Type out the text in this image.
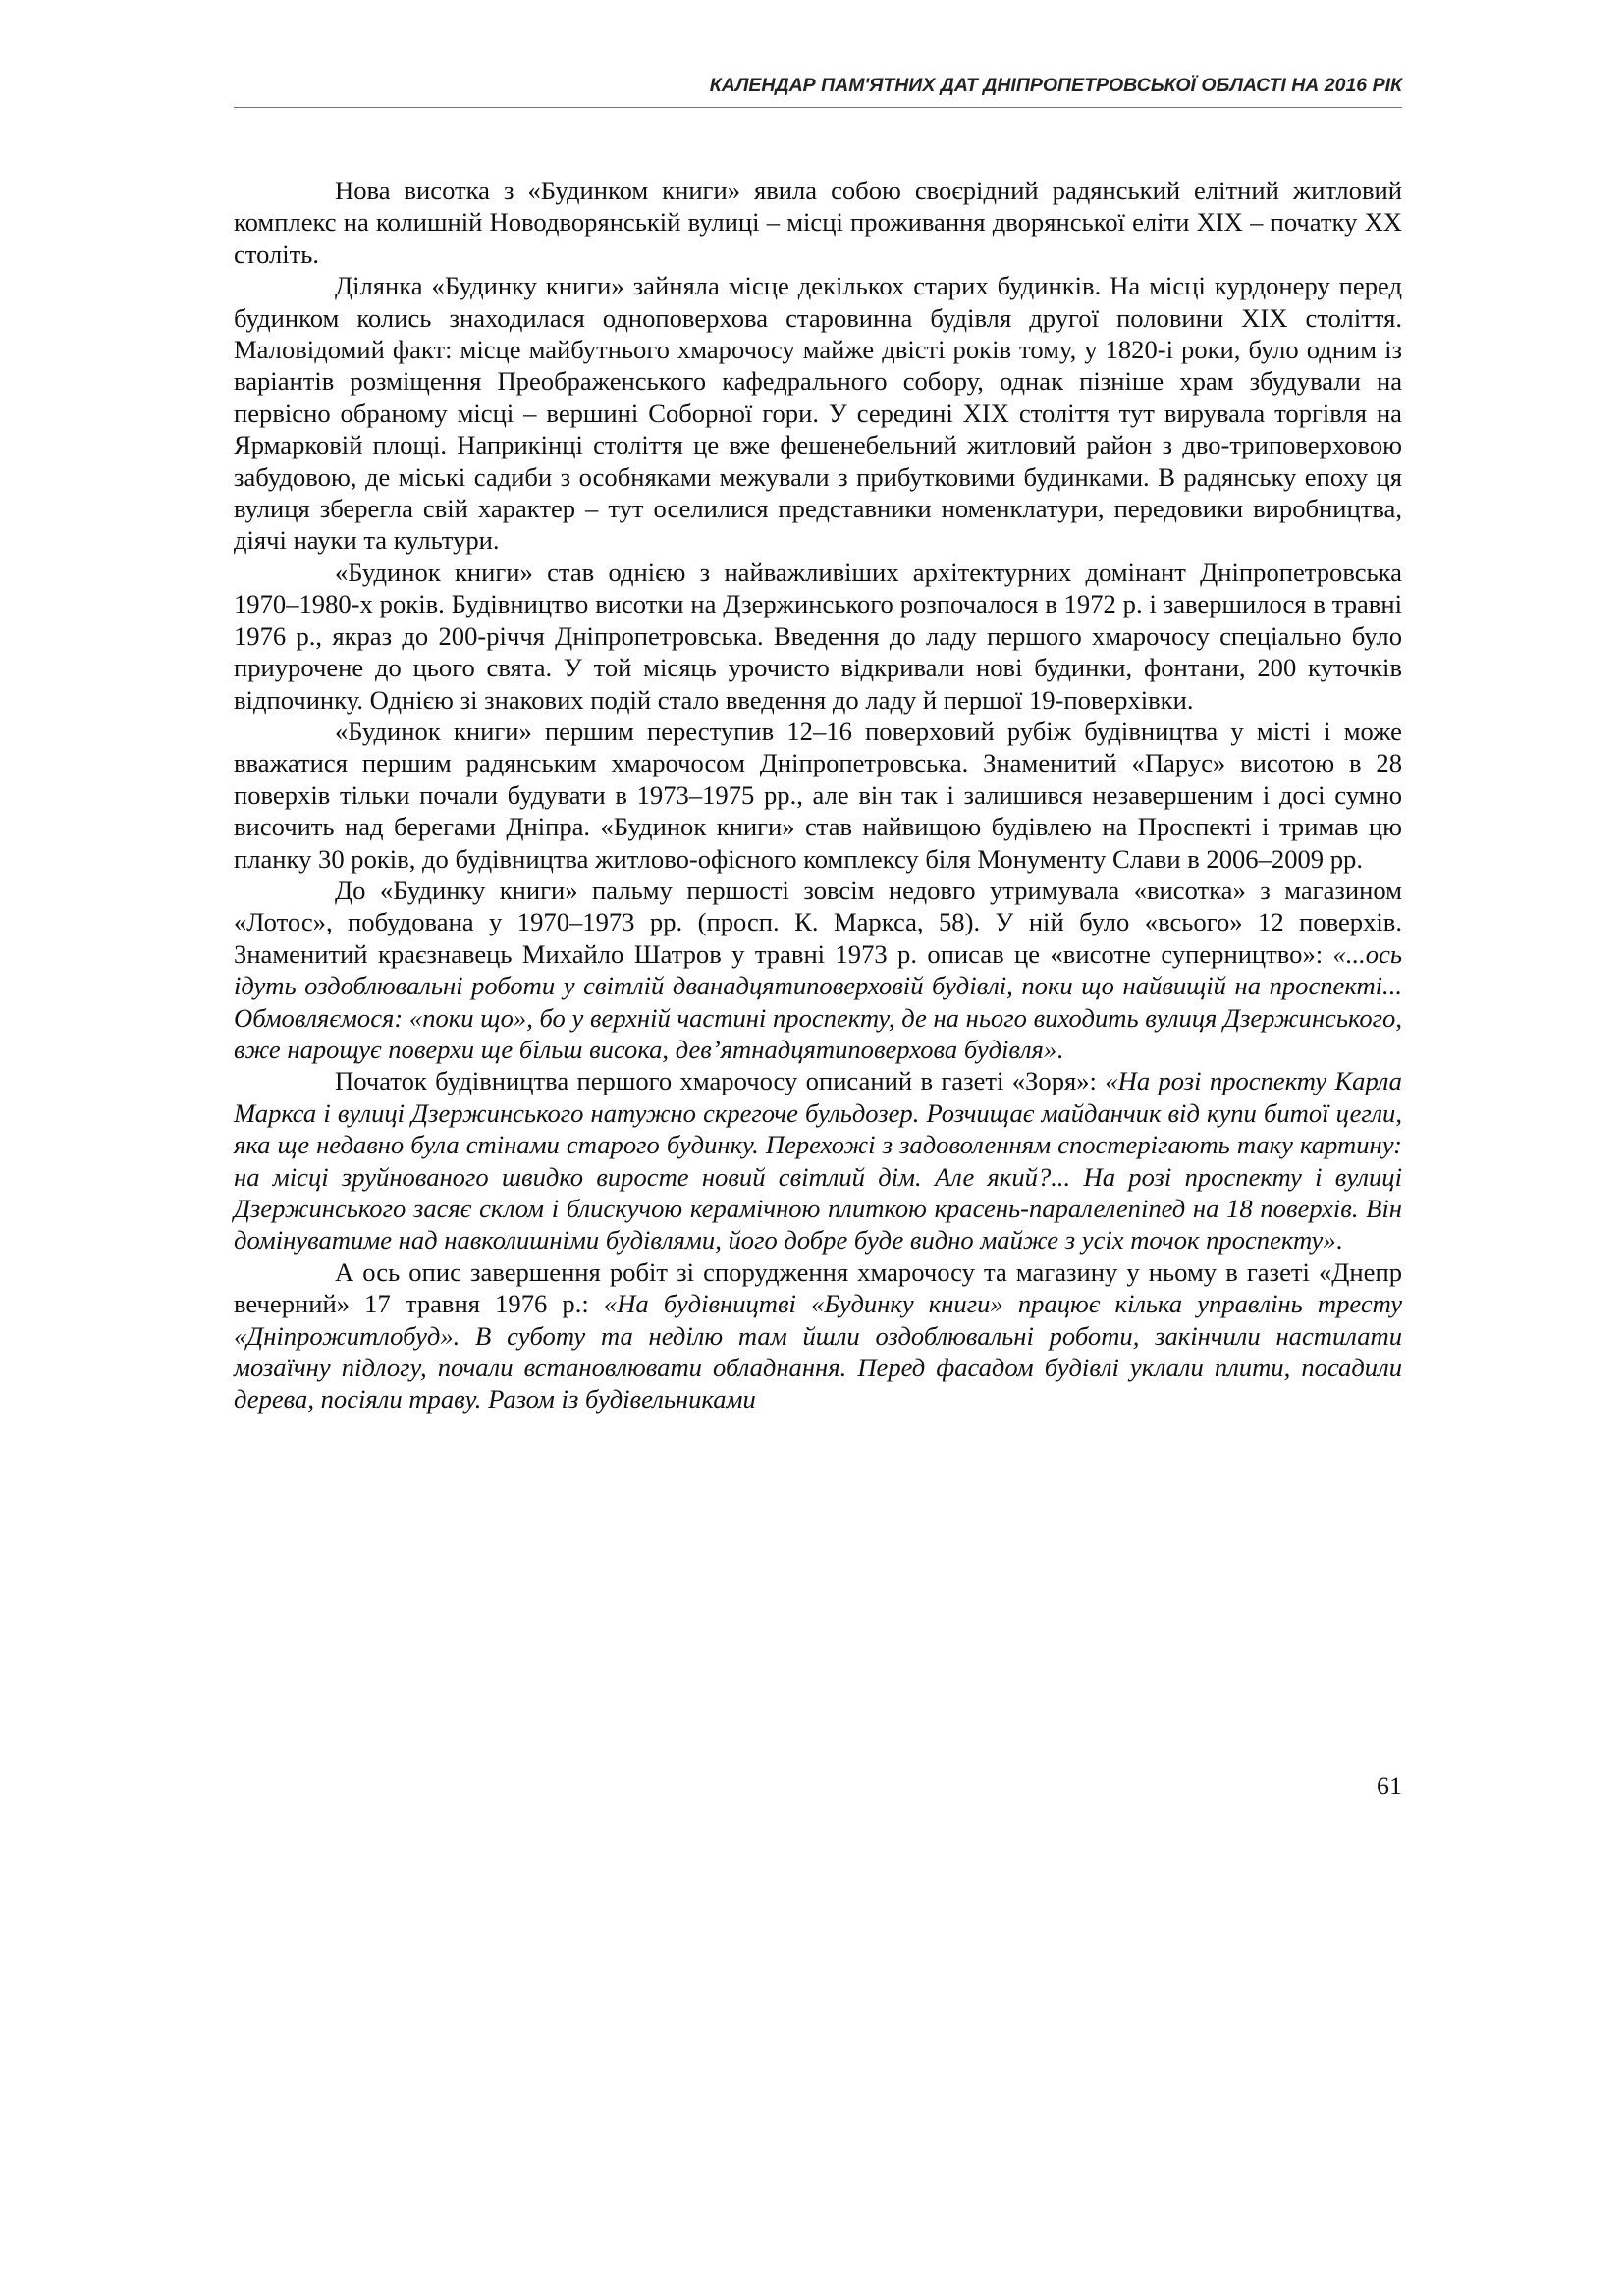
КАЛЕНДАР ПАМ'ЯТНИХ ДАТ ДНІПРОПЕТРОВСЬКОЇ ОБЛАСТІ НА 2016 РІК

Нова висотка з «Будинком книги» явила собою своєрідний радянський елітний житловий комплекс на колишній Новодворянській вулиці – місці проживання дворянської еліти XIX – початку XX століть.

Ділянка «Будинку книги» зайняла місце декількох старих будинків. На місці курдонеру перед будинком колись знаходилася одноповерхова старовинна будівля другої половини XIX століття. Маловідомий факт: місце майбутнього хмарочосу майже двісті років тому, у 1820-і роки, було одним із варіантів розміщення Преображенського кафедрального собору, однак пізніше храм збудували на первісно обраному місці – вершині Соборної гори. У середині XIX століття тут вирувала торгівля на Ярмарковій площі. Наприкінці століття це вже фешенебельний житловий район з дво-триповерховою забудовою, де міські садиби з особняками межували з прибутковими будинками. В радянську епоху ця вулиця зберегла свій характер – тут оселилися представники номенклатури, передовики виробництва, діячі науки та культури.

«Будинок книги» став однією з найважливіших архітектурних домінант Дніпропетровська 1970–1980-х років. Будівництво висотки на Дзержинського розпочалося в 1972 р. і завершилося в травні 1976 р., якраз до 200-річчя Дніпропетровська. Введення до ладу першого хмарочосу спеціально було приурочене до цього свята. У той місяць урочисто відкривали нові будинки, фонтани, 200 куточків відпочинку. Однією зі знакових подій стало введення до ладу й першої 19-поверхівки.

«Будинок книги» першим переступив 12–16 поверховий рубіж будівництва у місті і може вважатися першим радянським хмарочосом Дніпропетровська. Знаменитий «Парус» висотою в 28 поверхів тільки почали будувати в 1973–1975 рр., але він так і залишився незавершеним і досі сумно височить над берегами Дніпра. «Будинок книги» став найвищою будівлею на Проспекті і тримав цю планку 30 років, до будівництва житлово-офісного комплексу біля Монументу Слави в 2006–2009 рр.

До «Будинку книги» пальму першості зовсім недовго утримувала «висотка» з магазином «Лотос», побудована у 1970–1973 рр. (просп. К. Маркса, 58). У ній було «всього» 12 поверхів. Знаменитий краєзнавець Михайло Шатров у травні 1973 р. описав це «висотне суперництво»: «...ось ідуть оздоблювальні роботи у світлій дванадцятиповерховій будівлі, поки що найвищій на проспекті... Обмовляємося: «поки що», бо у верхній частині проспекту, де на нього виходить вулиця Дзержинського, вже нарощує поверхи ще більш висока, дев’ятнадцятиповерхова будівля».

Початок будівництва першого хмарочосу описаний в газеті «Зоря»: «На розі проспекту Карла Маркса і вулиці Дзержинського натужно скрегоче бульдозер. Розчищає майданчик від купи битої цегли, яка ще недавно була стінами старого будинку. Перехожі з задоволенням спостерігають таку картину: на місці зруйнованого швидко виросте новий світлий дім. Але який?... На розі проспекту і вулиці Дзержинського засяє склом і блискучою керамічною плиткою красень-паралелепіпед на 18 поверхів. Він домінуватиме над навколишніми будівлями, його добре буде видно майже з усіх точок проспекту».

А ось опис завершення робіт зі спорудження хмарочосу та магазину у ньому в газеті «Днепр вечерний» 17 травня 1976 р.: «На будівництві «Будинку книги» працює кілька управлінь тресту «Дніпрожитлобуд». В суботу та неділю там йшли оздоблювальні роботи, закінчили настилати мозаїчну підлогу, почали встановлювати обладнання. Перед фасадом будівлі уклали плити, посадили дерева, посіяли траву. Разом із будівельниками

61
